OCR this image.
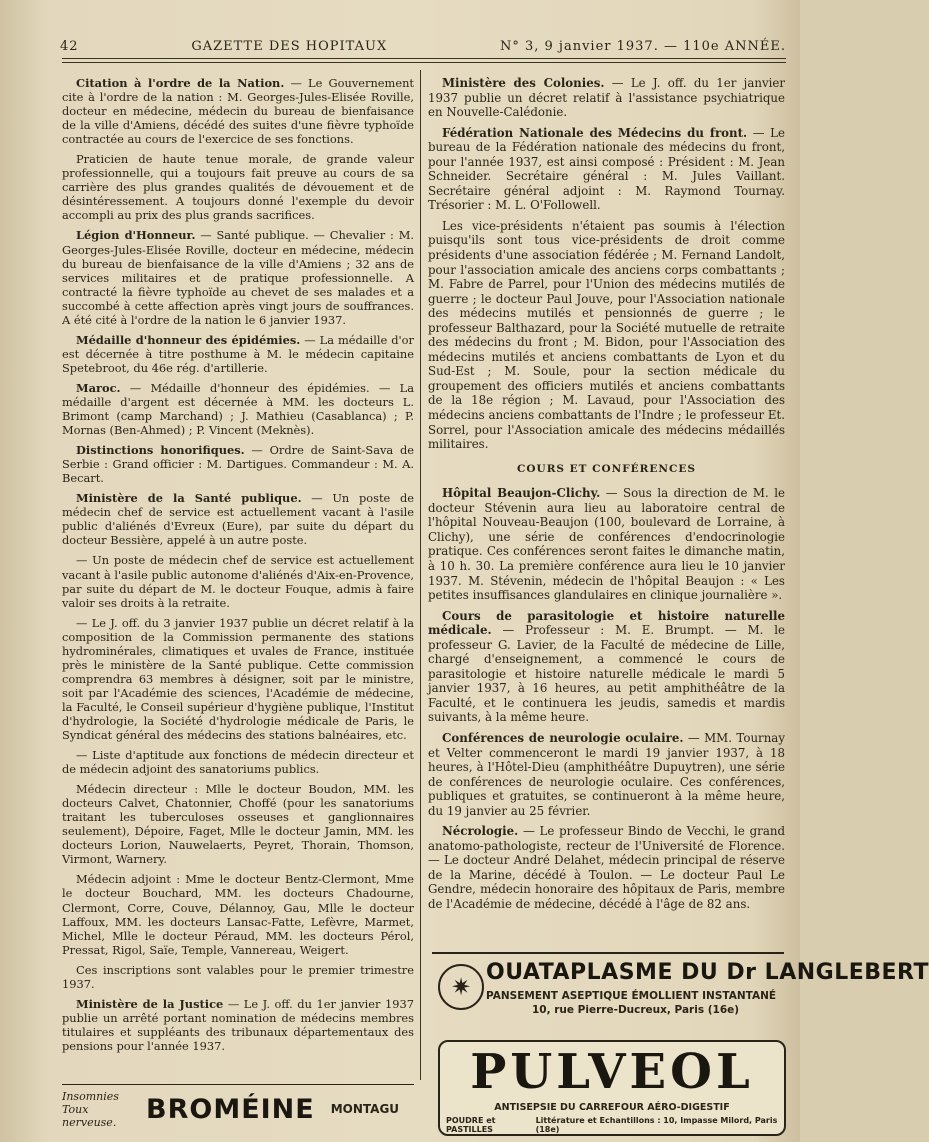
42	GAZETTE DES HOPITAUX	N° 3, 9 janvier 1937. — 110e ANNÉE.

Citation à l'ordre de la Nation. — Le Gouvernement cite à l'ordre de la nation : M. Georges-Jules-Elisée Roville, docteur en médecine, médecin du bureau de bienfaisance de la ville d'Amiens, décédé des suites d'une fièvre typhoïde contractée au cours de l'exercice de ses fonctions.

Praticien de haute tenue morale, de grande valeur professionnelle, qui a toujours fait preuve au cours de sa carrière des plus grandes qualités de dévouement et de désintéressement. A toujours donné l'exemple du devoir accompli au prix des plus grands sacrifices.

Légion d'Honneur. — Santé publique. — Chevalier : M. Georges-Jules-Elisée Roville, docteur en médecine, médecin du bureau de bienfaisance de la ville d'Amiens ; 32 ans de services militaires et de pratique professionnelle. A contracté la fièvre typhoïde au chevet de ses malades et a succombé à cette affection après vingt jours de souffrances. A été cité à l'ordre de la nation le 6 janvier 1937.

Médaille d'honneur des épidémies. — La médaille d'or est décernée à titre posthume à M. le médecin capitaine Spetebroot, du 46e rég. d'artillerie.

Maroc. — Médaille d'honneur des épidémies. — La médaille d'argent est décernée à MM. les docteurs L. Brimont (camp Marchand) ; J. Mathieu (Casablanca) ; P. Mornas (Ben-Ahmed) ; P. Vincent (Meknès).

Distinctions honorifiques. — Ordre de Saint-Sava de Serbie : Grand officier : M. Dartigues. Commandeur : M. A. Becart.

Ministère de la Santé publique. — Un poste de médecin chef de service est actuellement vacant à l'asile public d'aliénés d'Evreux (Eure), par suite du départ du docteur Bessière, appelé à un autre poste.

— Un poste de médecin chef de service est actuellement vacant à l'asile public autonome d'aliénés d'Aix-en-Provence, par suite du départ de M. le docteur Fouque, admis à faire valoir ses droits à la retraite.

— Le J. off. du 3 janvier 1937 publie un décret relatif à la composition de la Commission permanente des stations hydrominérales, climatiques et uvales de France, instituée près le ministère de la Santé publique. Cette commission comprendra 63 membres à désigner, soit par le ministre, soit par l'Académie des sciences, l'Académie de médecine, la Faculté, le Conseil supérieur d'hygiène publique, l'Institut d'hydrologie, la Société d'hydrologie médicale de Paris, le Syndicat général des médecins des stations balnéaires, etc.

— Liste d'aptitude aux fonctions de médecin directeur et de médecin adjoint des sanatoriums publics.

Médecin directeur : Mlle le docteur Boudon, MM. les docteurs Calvet, Chatonnier, Choffé (pour les sanatoriums traitant les tuberculoses osseuses et ganglionnaires seulement), Dépoire, Faget, Mlle le docteur Jamin, MM. les docteurs Lorion, Nauwelaerts, Peyret, Thorain, Thomson, Virmont, Warnery.

Médecin adjoint : Mme le docteur Bentz-Clermont, Mme le docteur Bouchard, MM. les docteurs Chadourne, Clermont, Corre, Couve, Délannoy, Gau, Mlle le docteur Laffoux, MM. les docteurs Lansac-Fatte, Lefèvre, Marmet, Michel, Mlle le docteur Péraud, MM. les docteurs Pérol, Pressat, Rigol, Saïe, Temple, Vannereau, Weigert.

Ces inscriptions sont valables pour le premier trimestre 1937.

Ministère de la Justice — Le J. off. du 1er janvier 1937 publie un arrêté portant nomination de médecins membres titulaires et suppléants des tribunaux départementaux des pensions pour l'année 1937.

Ministère des Colonies. — Le J. off. du 1er janvier 1937 publie un décret relatif à l'assistance psychiatrique en Nouvelle-Calédonie.

Fédération Nationale des Médecins du front. — Le bureau de la Fédération nationale des médecins du front, pour l'année 1937, est ainsi composé : Président : M. Jean Schneider. Secrétaire général : M. Jules Vaillant. Secrétaire général adjoint : M. Raymond Tournay. Trésorier : M. L. O'Followell.

Les vice-présidents n'étaient pas soumis à l'élection puisqu'ils sont tous vice-présidents de droit comme présidents d'une association fédérée ; M. Fernand Landolt, pour l'association amicale des anciens corps combattants ; M. Fabre de Parrel, pour l'Union des médecins mutilés de guerre ; le docteur Paul Jouve, pour l'Association nationale des médecins mutilés et pensionnés de guerre ; le professeur Balthazard, pour la Société mutuelle de retraite des médecins du front ; M. Bidon, pour l'Association des médecins mutilés et anciens combattants de Lyon et du Sud-Est ; M. Soule, pour la section médicale du groupement des officiers mutilés et anciens combattants de la 18e région ; M. Lavaud, pour l'Association des médecins anciens combattants de l'Indre ; le professeur Et. Sorrel, pour l'Association amicale des médecins médaillés militaires.

COURS ET CONFÉRENCES

Hôpital Beaujon-Clichy. — Sous la direction de M. le docteur Stévenin aura lieu au laboratoire central de l'hôpital Nouveau-Beaujon (100, boulevard de Lorraine, à Clichy), une série de conférences d'endocrinologie pratique. Ces conférences seront faites le dimanche matin, à 10 h. 30. La première conférence aura lieu le 10 janvier 1937. M. Stévenin, médecin de l'hôpital Beaujon : « Les petites insuffisances glandulaires en clinique journalière ».

Cours de parasitologie et histoire naturelle médicale. — Professeur : M. E. Brumpt. — M. le professeur G. Lavier, de la Faculté de médecine de Lille, chargé d'enseignement, a commencé le cours de parasitologie et histoire naturelle médicale le mardi 5 janvier 1937, à 16 heures, au petit amphithéâtre de la Faculté, et le continuera les jeudis, samedis et mardis suivants, à la même heure.

Conférences de neurologie oculaire. — MM. Tournay et Velter commenceront le mardi 19 janvier 1937, à 18 heures, à l'Hôtel-Dieu (amphithéâtre Dupuytren), une série de conférences de neurologie oculaire. Ces conférences, publiques et gratuites, se continueront à la même heure, du 19 janvier au 25 février.

Nécrologie. — Le professeur Bindo de Vecchi, le grand anatomo-pathologiste, recteur de l'Université de Florence. — Le docteur André Delahet, médecin principal de réserve de la Marine, décédé à Toulon. — Le docteur Paul Le Gendre, médecin honoraire des hôpitaux de Paris, membre de l'Académie de médecine, décédé à l'âge de 82 ans.

✷
OUATAPLASME DU Dr LANGLEBERT
PANSEMENT ASEPTIQUE ÉMOLLIENT INSTANTANÉ
10, rue Pierre-Ducreux, Paris (16e)
PULVEOL
ANTISEPSIE DU CARREFOUR AÉRO-DIGESTIF
POUDRE et PASTILLES
Littérature et Echantillons : 10, Impasse Milord, Paris (18e)
Insomnies
Toux nerveuse.	BROMÉINE MONTAGU
